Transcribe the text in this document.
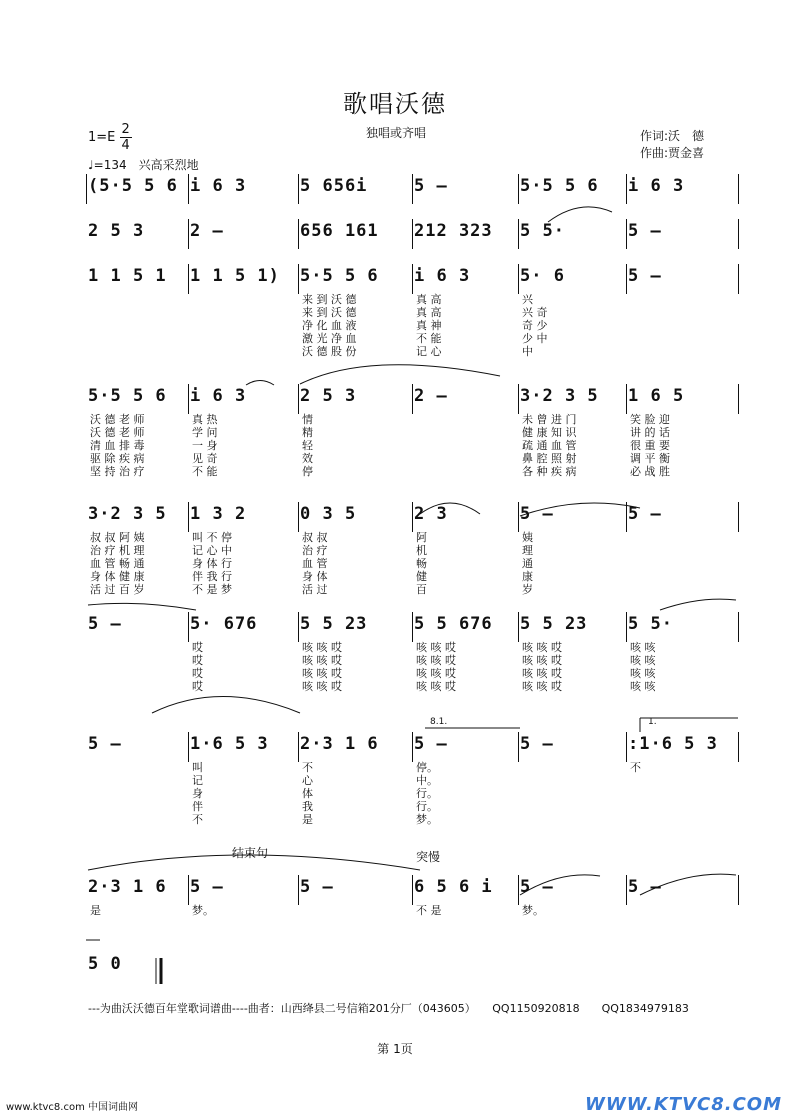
歌唱沃德
独唱或齐唱	作词:沃　德
作曲:贾金喜
$1=E \frac{2}{4}$
♩=134　兴高采烈地
(5·5 5 6 i 6 3	5 656i	5 –	5·5 5 6 i 6 3
2 5 3	2 –	656 161 212 323 5 5·	5 –
1 1 5 1 1 1 5 1) 5·5 5 6 i 6 3	5· 6	5 –
来 到 沃 德
来 到 沃 德
净 化 血 液
激 光 净 血
沃 德 股 份
真 高
真 高
真 神
不 能
记 心
兴
兴 奇
奇 少
少 中
中
5·5 5 6 i 6 3	2 5 3	2 –	3·2 3 5 1 6 5
沃 德 老 师
沃 德 老 师
清 血 排 毒
驱 除 疾 病
坚 持 治 疗
真 热
学 问
一 身
见 奇
不 能
情
精
轻
效
停
未 曾 进 门
健 康 知 识
疏 通 血 管
鼻 腔 照 射
各 种 疾 病
笑 脸 迎
讲 的 话
很 重 要
调 平 衡
必 战 胜
3·2 3 5 1 3 2	0 3 5	2 3	5 –	5 –
叔 叔 阿 姨
治 疗 机 理
血 管 畅 通
身 体 健 康
活 过 百 岁
叫 不 停
记 心 中
身 体 行
伴 我 行
不 是 梦
叔 叔
治 疗
血 管
身 体
活 过
阿
机
畅
健
百
姨
理
通
康
岁
5 –	5· 676	5 5 23	5 5 676 5 5 23 5 5·
哎
哎
哎
哎
咳 咳 哎
咳 咳 哎
咳 咳 哎
咳 咳 哎
咳 咳 哎
咳 咳 哎
咳 咳 哎
咳 咳 哎
咳 咳 哎
咳 咳 哎
咳 咳 哎
咳 咳 哎
咳 咳
咳 咳
咳 咳
咳 咳
5 –	1·6 5 3 2·3 1 6 5 –	5 –	:1·6 5 3
叫
记
身
伴
不
不
心
体
我
是
停。
中。
行。
行。
梦。
不
2·3 1 6 5 –	5 –	6 5 6 i 5 –	5 –
是	梦。	不 是	梦。
5 0
8.1.	1.
结束句	突慢
---为曲沃沃德百年堂歌词谱曲----曲者：山西绛县二号信箱201分厂（043605）　　QQ1150920818　　QQ1834979183
第 1页
www.ktvc8.com 中国词曲网	WWW.KTVC8.COM
